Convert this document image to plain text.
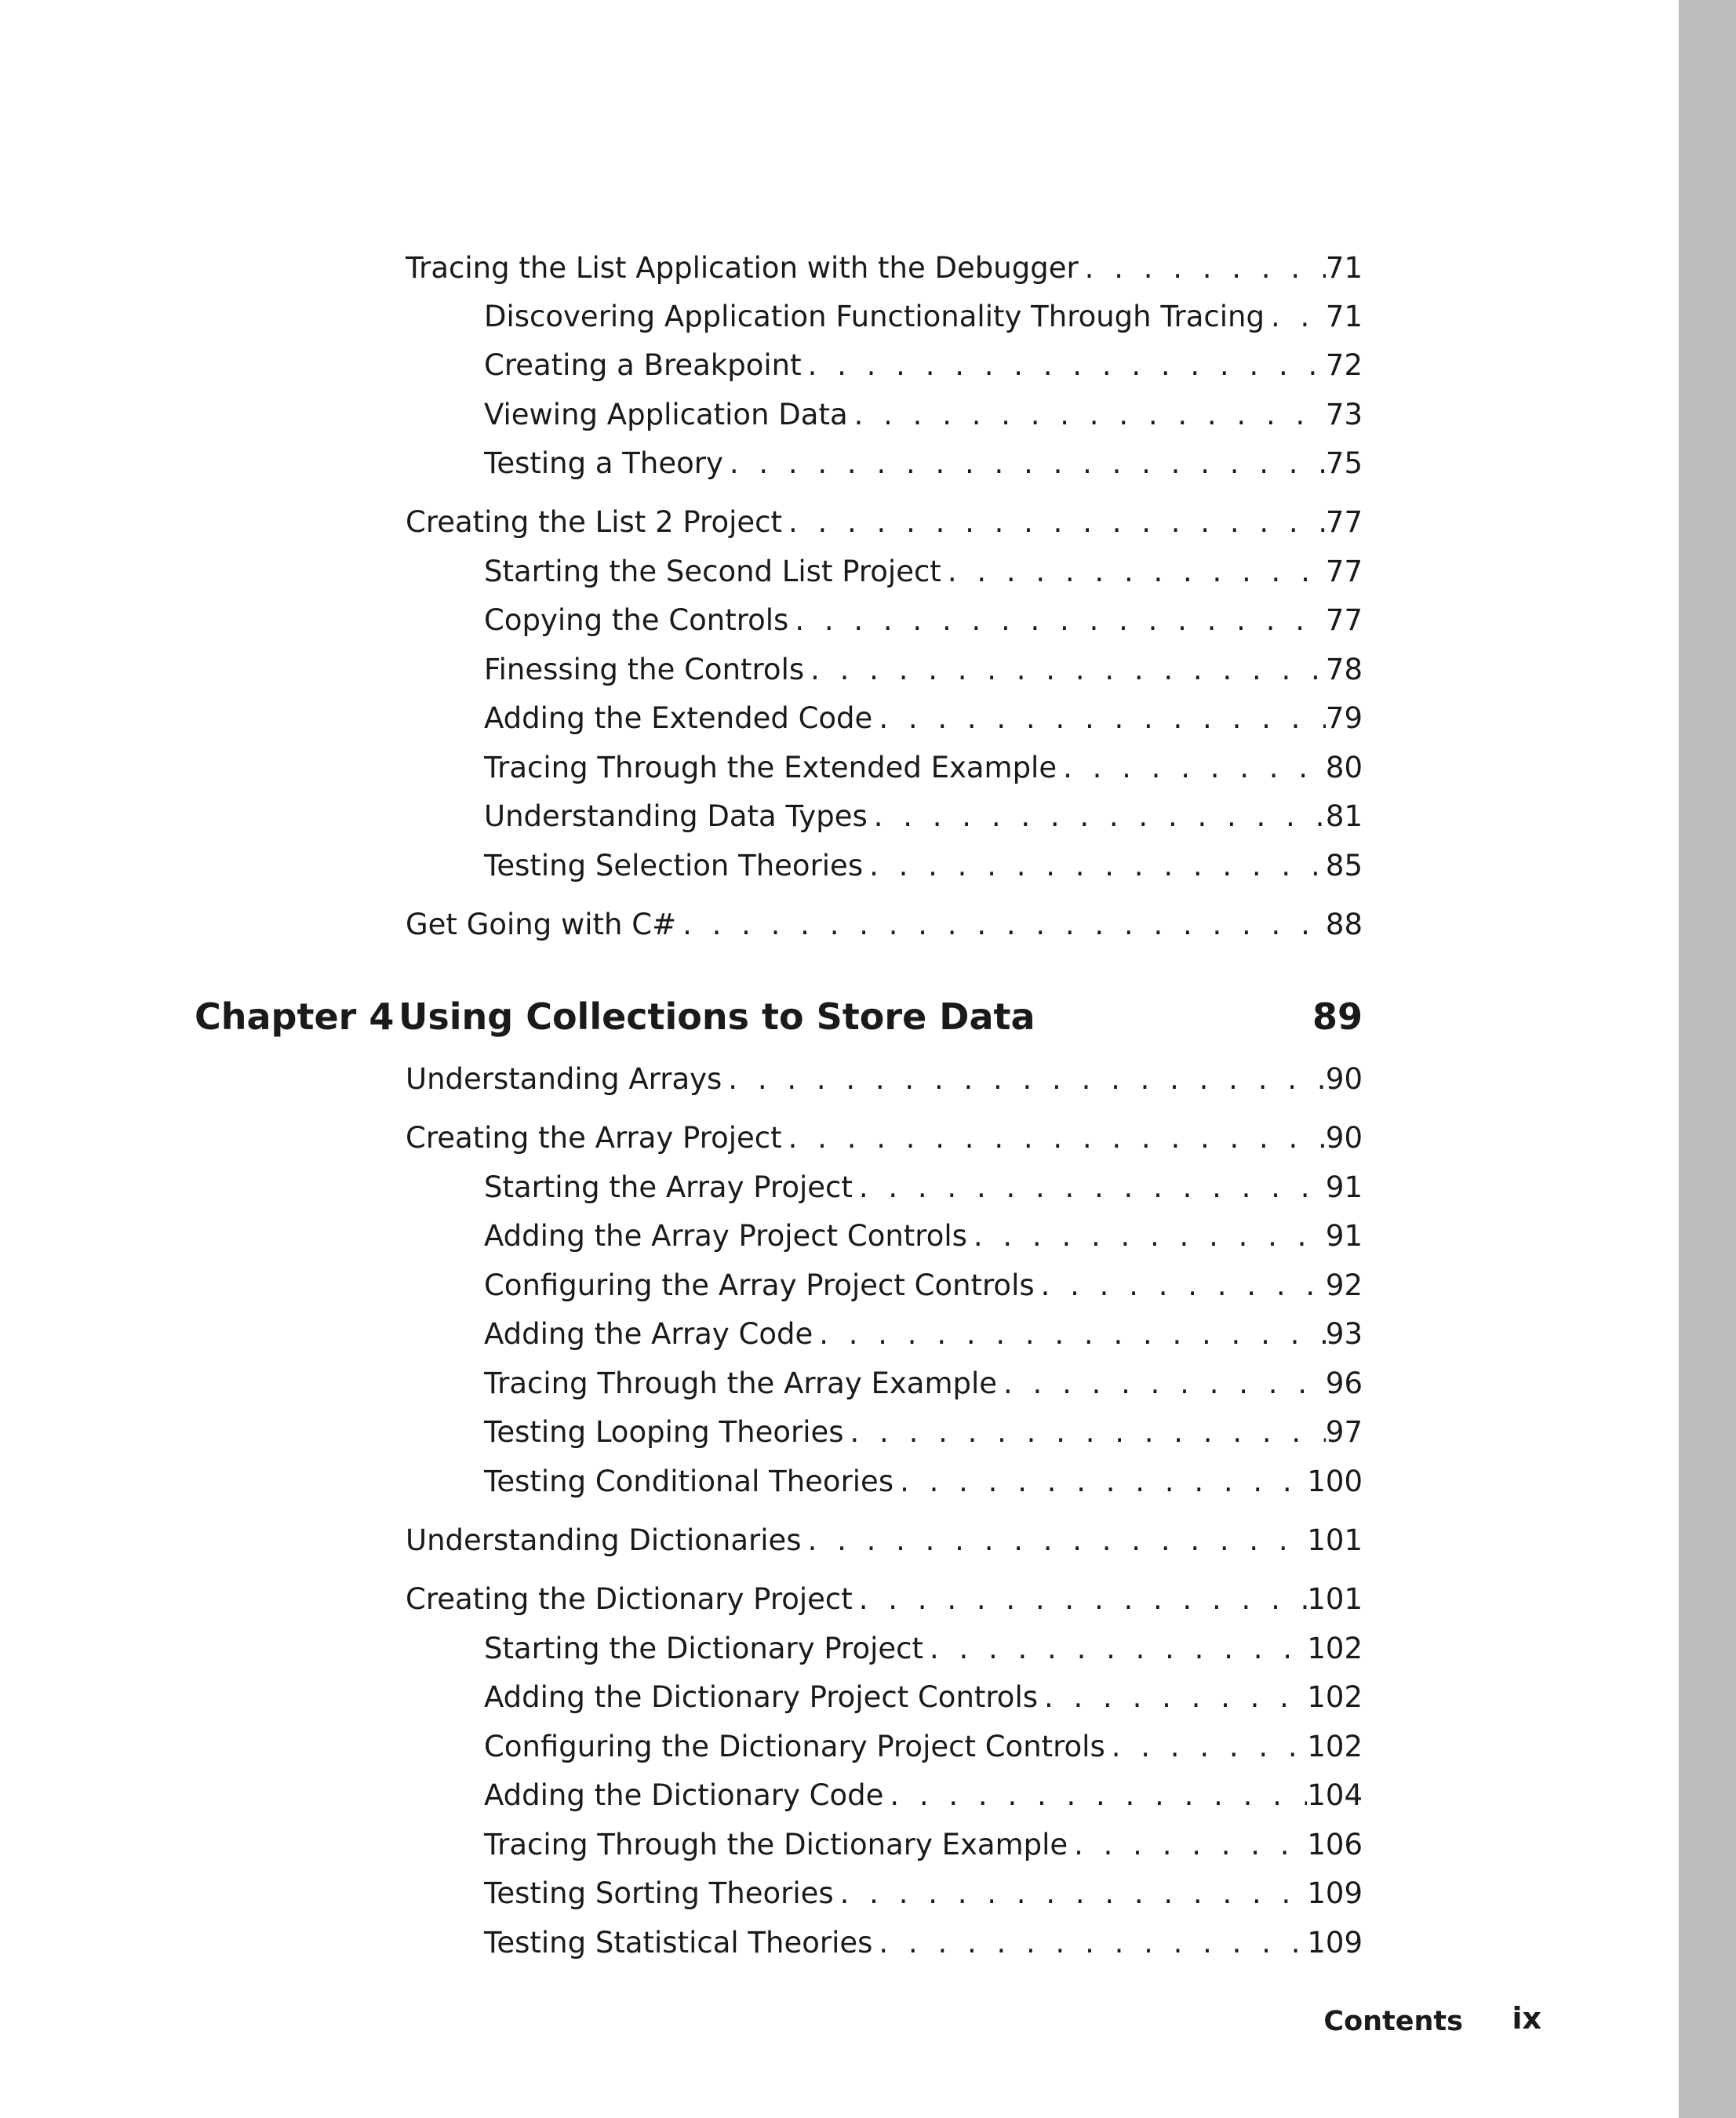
Tracing the List Application with the Debugger . . .	71
Discovering Application Functionality Through Tracing . . . 71
Creating a Breakpoint . . .	72
Viewing Application Data . . .	73
Testing a Theory . . .	75
Creating the List 2 Project . . .	77
Starting the Second List Project . . .	77
Copying the Controls . . .	77
Finessing the Controls . . .	78
Adding the Extended Code . . .	79
Tracing Through the Extended Example . . .	80
Understanding Data Types . . .	81
Testing Selection Theories . . .	85
Get Going with C# . . .	88
Chapter 4 Using Collections to Store Data	89
Understanding Arrays . . .	90
Creating the Array Project . . .	90
Starting the Array Project . . .	91
Adding the Array Project Controls . . .	91
Configuring the Array Project Controls . . .	92
Adding the Array Code . . .	93
Tracing Through the Array Example . . .	96
Testing Looping Theories . . .	97
Testing Conditional Theories . . .	100
Understanding Dictionaries . . .	101
Creating the Dictionary Project . . .	101
Starting the Dictionary Project . . .	102
Adding the Dictionary Project Controls . . .	102
Configuring the Dictionary Project Controls . . .	102
Adding the Dictionary Code . . .	104
Tracing Through the Dictionary Example . . .	106
Testing Sorting Theories . . .	109
Testing Statistical Theories . . .	109
Contents ix
